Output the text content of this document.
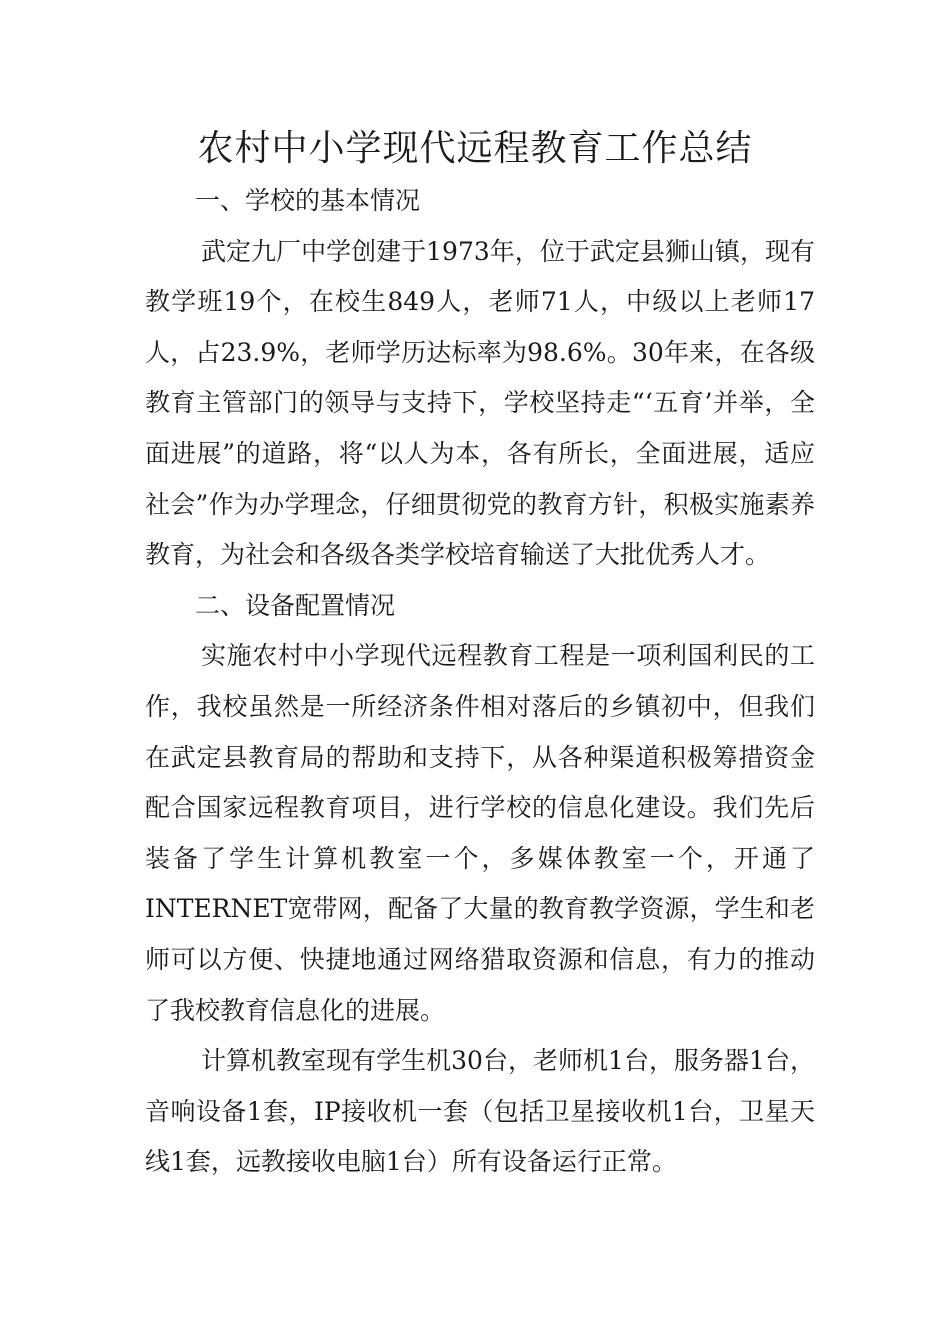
农村中小学现代远程教育工作总结

一、学校的基本情况

武定九厂中学创建于1973年，位于武定县狮山镇，现有教学班19个，在校生849人，老师71人，中级以上老师17人，占23.9%，老师学历达标率为98.6%。30年来，在各级教育主管部门的领导与支持下，学校坚持走“‘五育’并举，全面进展”的道路，将“以人为本，各有所长，全面进展，适应社会”作为办学理念，仔细贯彻党的教育方针，积极实施素养教育，为社会和各级各类学校培育输送了大批优秀人才。

二、设备配置情况

实施农村中小学现代远程教育工程是一项利国利民的工作，我校虽然是一所经济条件相对落后的乡镇初中，但我们在武定县教育局的帮助和支持下，从各种渠道积极筹措资金配合国家远程教育项目，进行学校的信息化建设。我们先后装备了学生计算机教室一个，多媒体教室一个，开通了INTERNET宽带网，配备了大量的教育教学资源，学生和老师可以方便、快捷地通过网络猎取资源和信息，有力的推动了我校教育信息化的进展。

计算机教室现有学生机30台，老师机1台，服务器1台，音响设备1套，IP接收机一套（包括卫星接收机1台，卫星天线1套，远教接收电脑1台）所有设备运行正常。
